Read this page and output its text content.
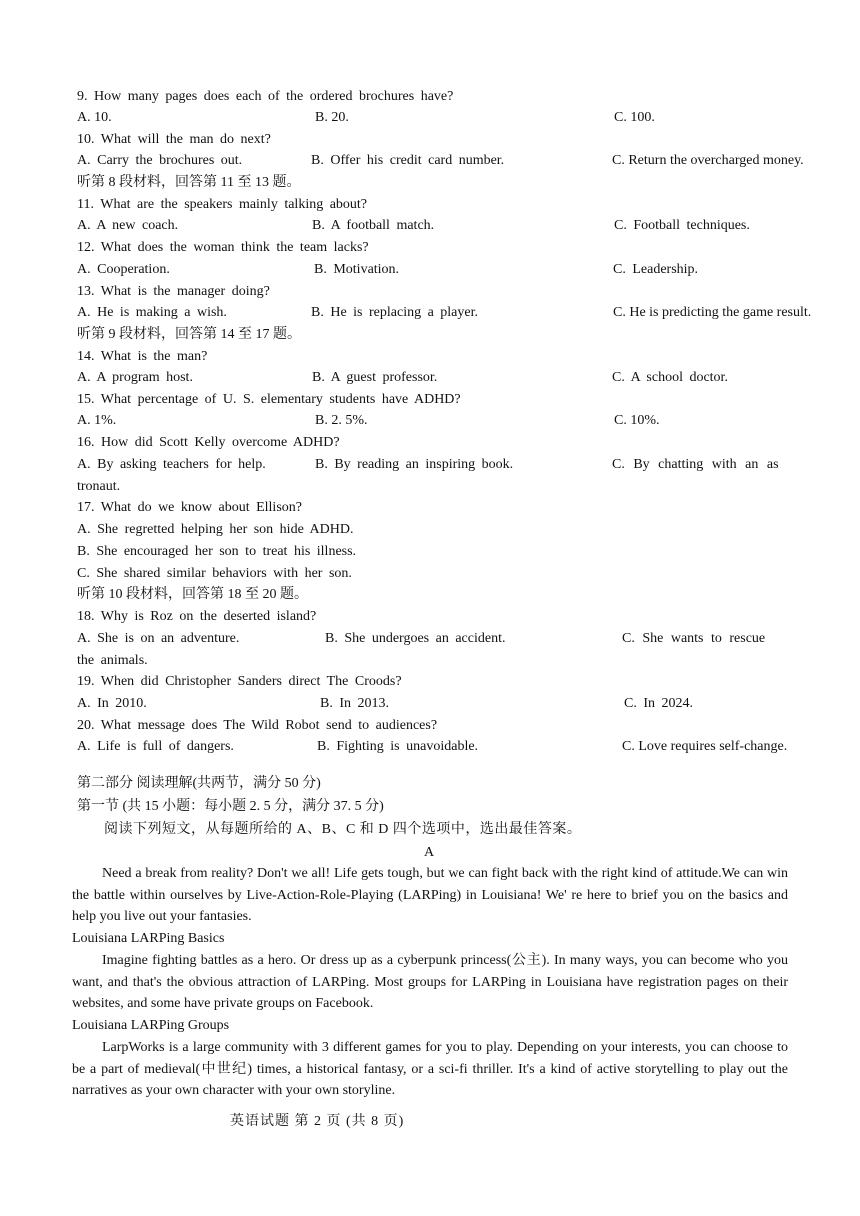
9. How many pages does each of the ordered brochures have?
A. 10.	B. 20.	C. 100.
10. What will the man do next?
A. Carry the brochures out.	B. Offer his credit card number.	C. Return the overcharged money.
听第 8 段材料，回答第 11 至 13 题。
11. What are the speakers mainly talking about?
A. A new coach.	B. A football match.	C. Football techniques.
12. What does the woman think the team lacks?
A. Cooperation.	B. Motivation.	C. Leadership.
13. What is the manager doing?
A. He is making a wish.	B. He is replacing a player.	C. He is predicting the game result.
听第 9 段材料，回答第 14 至 17 题。
14. What is the man?
A. A program host.	B. A guest professor.	C. A school doctor.
15. What percentage of U. S. elementary students have ADHD?
A. 1%.	B. 2. 5%.	C. 10%.
16. How did Scott Kelly overcome ADHD?
A. By asking teachers for help.	B. By reading an inspiring book.	C. By chatting with an as
tronaut.
17. What do we know about Ellison?
A. She regretted helping her son hide ADHD.
B. She encouraged her son to treat his illness.
C. She shared similar behaviors with her son.
听第 10 段材料，回答第 18 至 20 题。
18. Why is Roz on the deserted island?
A. She is on an adventure.	B. She undergoes an accident.	C. She wants to rescue
the animals.
19. When did Christopher Sanders direct The Croods?
A. In 2010.	B. In 2013.	C. In 2024.
20. What message does The Wild Robot send to audiences?
A. Life is full of dangers.	B. Fighting is unavoidable.	C. Love requires self-change.
第二部分 阅读理解(共两节，满分 50 分)
第一节 (共 15 小题：每小题 2. 5 分，满分 37. 5 分)
阅读下列短文，从每题所给的 A、B、C 和 D 四个选项中，选出最佳答案。
A
Need a break from reality? Don't we all! Life gets tough, but we can fight back with the right kind of attitude.We can win the battle within ourselves by Live-Action-Role-Playing (LARPing) in Louisiana! We' re here to brief you on the basics and help you live out your fantasies.
Louisiana LARPing Basics
Imagine fighting battles as a hero. Or dress up as a cyberpunk princess(公主). In many ways, you can become who you want, and that's the obvious attraction of LARPing. Most groups for LARPing in Louisiana have registration pages on their websites, and some have private groups on Facebook.
Louisiana LARPing Groups
LarpWorks is a large community with 3 different games for you to play. Depending on your interests, you can choose to be a part of medieval(中世纪) times, a historical fantasy, or a sci-fi thriller. It's a kind of active storytelling to play out the narratives as your own character with your own storyline.
英语试题 第 2 页 (共 8 页)
